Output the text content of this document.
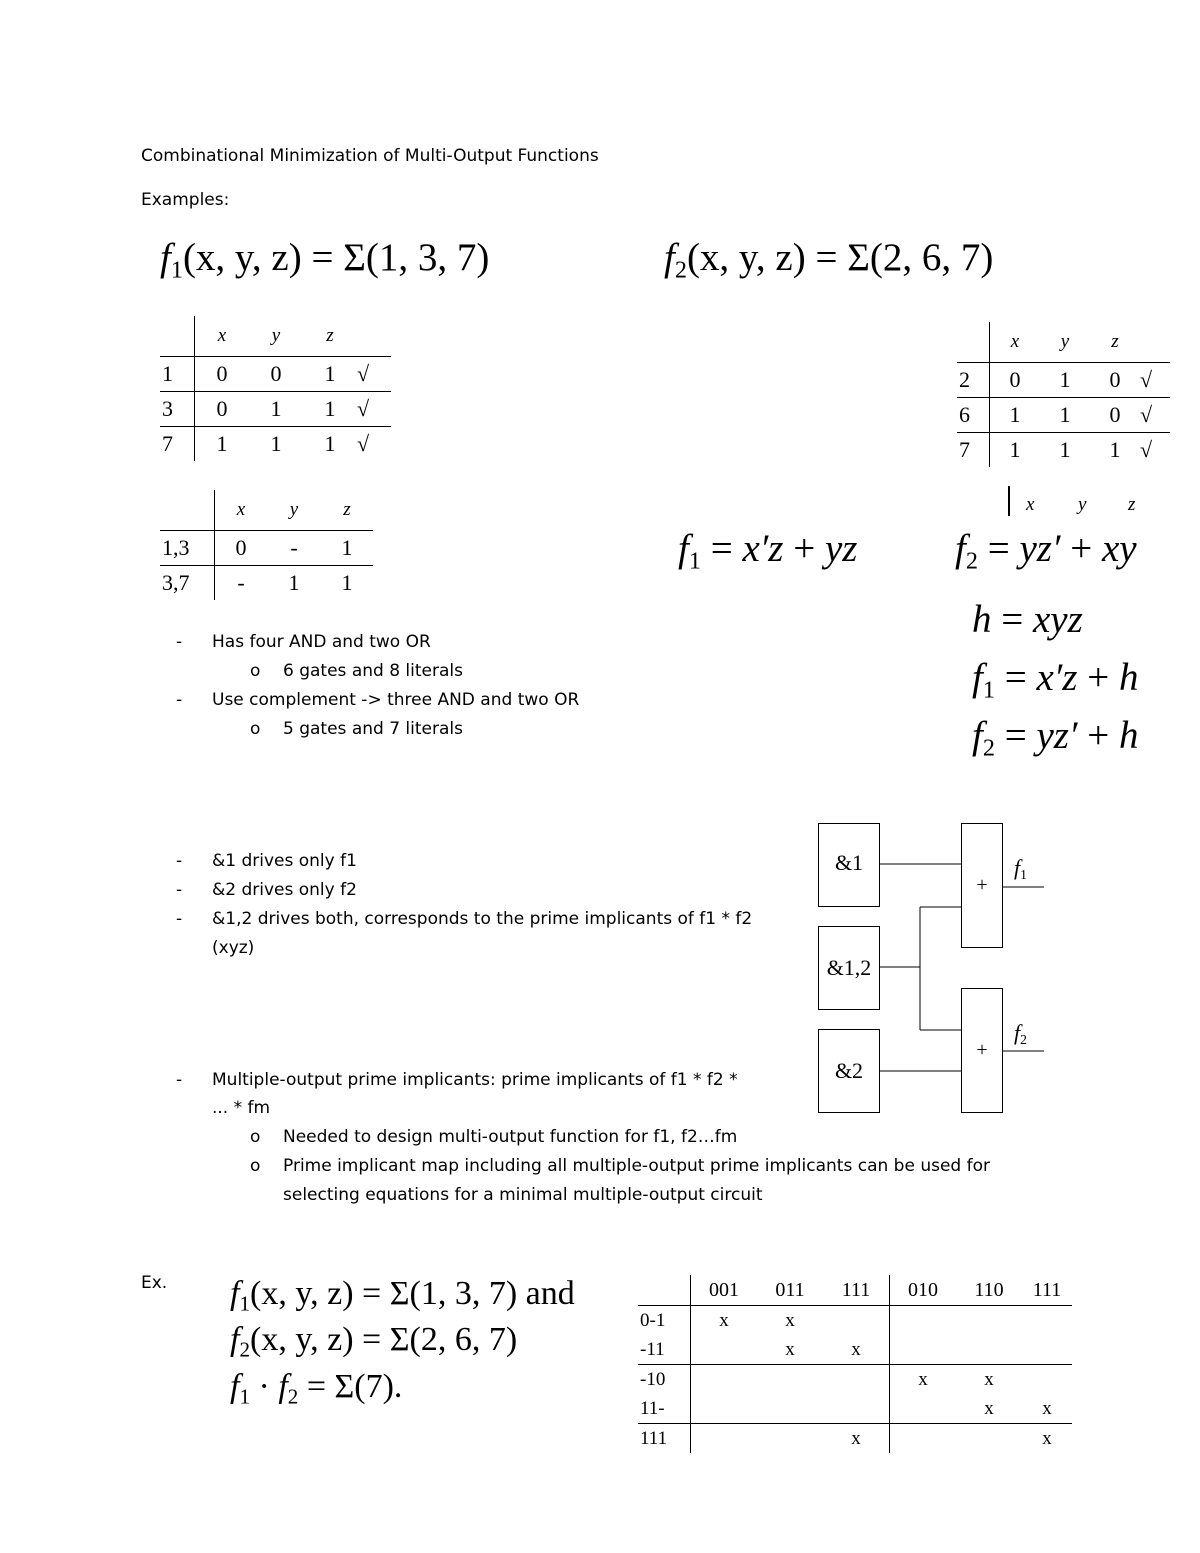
Combinational Minimization of Multi-Output Functions
Examples:
$f_1(x$, y, z) = Σ(1, 3, 7)	$f_2(x$, y, z) = Σ(2, 6, 7)
	x	y	z	
1	0	0	1	√
3	0	1	1	√
7	1	1	1	√
	x	y	z	
2	0	1	0	√
6	1	1	0	√
7	1	1	1	√
	x	y	z
1,3	0	-	1
3,7	-	1	1
x y z
$f_1 = x'z$ + yz	$f_2 = yz'$ + xy
h = xyz
$f_1 = x'z + h$
$f_2 = yz' + h$
- Has four AND and two OR
o 6 gates and 8 literals
- Use complement -> three AND and two OR
o 5 gates and 7 literals
- &1 drives only f1
- &2 drives only f2
- &1,2 drives both, corresponds to the prime implicants of f1 * f2
(xyz)
&1
&1,2
&2
+
+
$f_1$
$f_2$
- Multiple-output prime implicants: prime implicants of f1 * f2 *
... * fm
o Needed to design multi-output function for f1, f2…fm
o Prime implicant map including all multiple-output prime implicants can be used for
selecting equations for a minimal multiple-output circuit
Ex. $f_1(x$, y, z) = Σ(1, 3, 7) and
$f_2(x$, y, z) = Σ(2, 6, 7)
$f_1 \cdot f_2 = \Sigma(7)$.
	001	011	111	010	110	111
0-1	x	x				
-11		x	x			
-10				x	x	
11-					x	x
111			x			x
